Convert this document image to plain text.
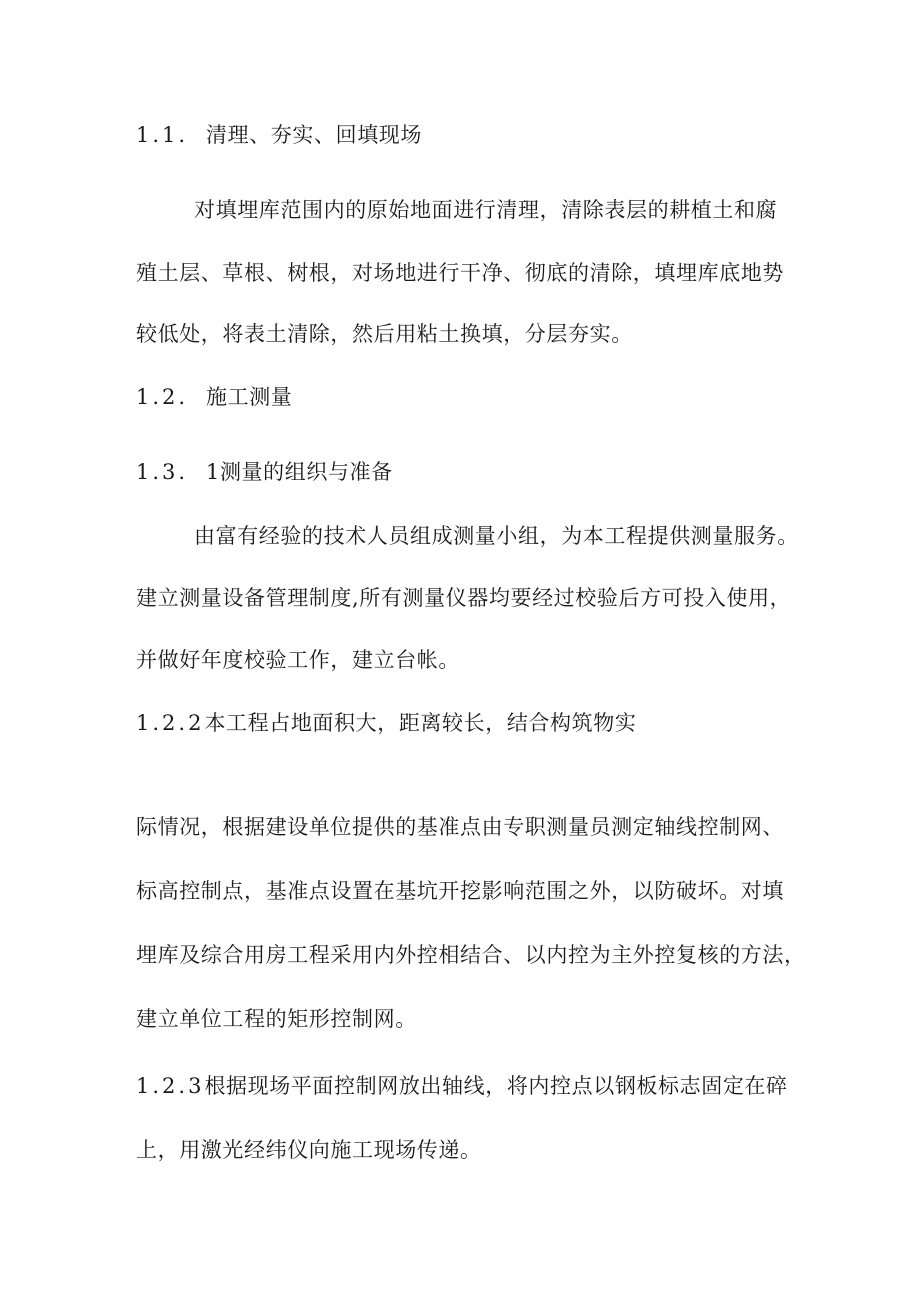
1.1. 清理、夯实、回填现场
对填埋库范围内的原始地面进行清理，清除表层的耕植土和腐
殖土层、草根、树根，对场地进行干净、彻底的清除，填埋库底地势
较低处，将表土清除，然后用粘土换填，分层夯实。
1.2. 施工测量
1.3. 1测量的组织与准备
由富有经验的技术人员组成测量小组，为本工程提供测量服务。
建立测量设备管理制度,所有测量仪器均要经过校验后方可投入使用，
并做好年度校验工作，建立台帐。
1.2.2本工程占地面积大，距离较长，结合构筑物实
际情况，根据建设单位提供的基准点由专职测量员测定轴线控制网、
标高控制点，基准点设置在基坑开挖影响范围之外，以防破坏。对填
埋库及综合用房工程采用内外控相结合、以内控为主外控复核的方法，
建立单位工程的矩形控制网。
1.2.3根据现场平面控制网放出轴线，将内控点以钢板标志固定在碎
上，用激光经纬仪向施工现场传递。
